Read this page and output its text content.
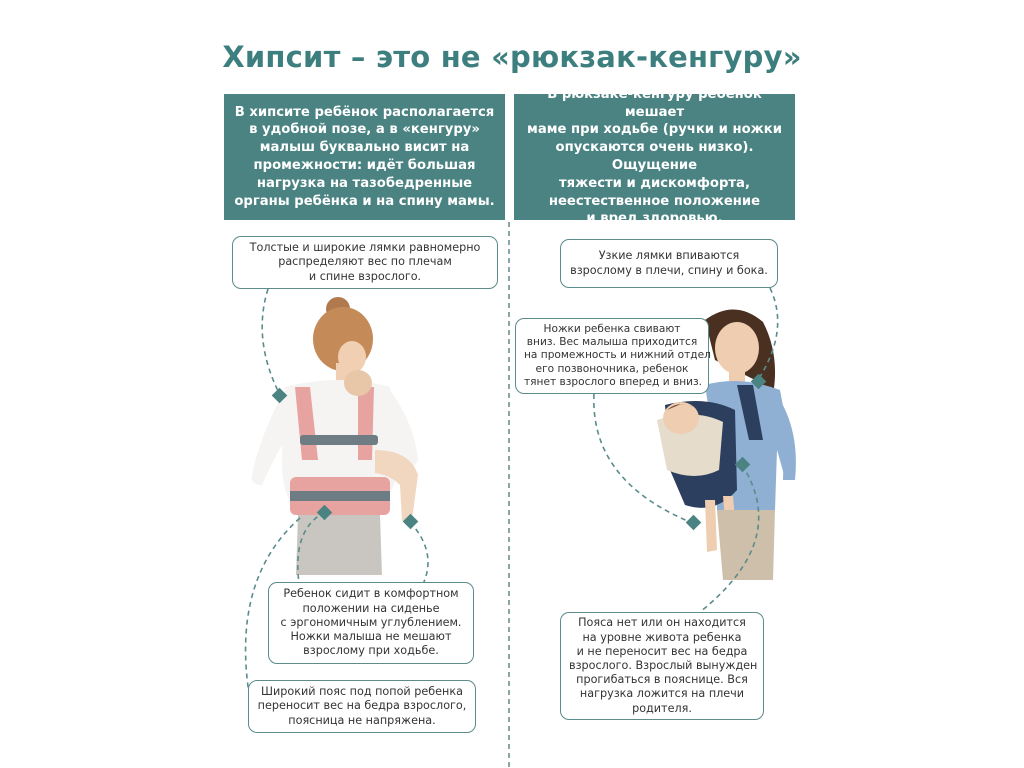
Хипсит – это не «рюкзак-кенгуру»
В хипсите ребёнок располагается
в удобной позе, а в «кенгуру»
малыш буквально висит на
промежности: идёт большая
нагрузка на тазобедренные
органы ребёнка и на спину мамы.
В рюкзаке-кенгуру ребенок мешает
маме при ходьбе (ручки и ножки
опускаются очень низко). Ощущение
тяжести и дискомфорта,
неестественное положение
и вред здоровью.
Толстые и широкие лямки равномерно
распределяют вес по плечам
и спине взрослого.
Ребенок сидит в комфортном
положении на сиденье
с эргономичным углублением.
Ножки малыша не мешают
взрослому при ходьбе.
Широкий пояс под попой ребенка
переносит вес на бедра взрослого,
поясница не напряжена.
Узкие лямки впиваются
взрослому в плечи, спину и бока.
Ножки ребенка свивают
вниз. Вес малыша приходится
на промежность и нижний отдел
его позвоночника, ребенок
тянет взрослого вперед и вниз.
Пояса нет или он находится
на уровне живота ребенка
и не переносит вес на бедра
взрослого. Взрослый вынужден
прогибаться в пояснице. Вся
нагрузка ложится на плечи
родителя.
